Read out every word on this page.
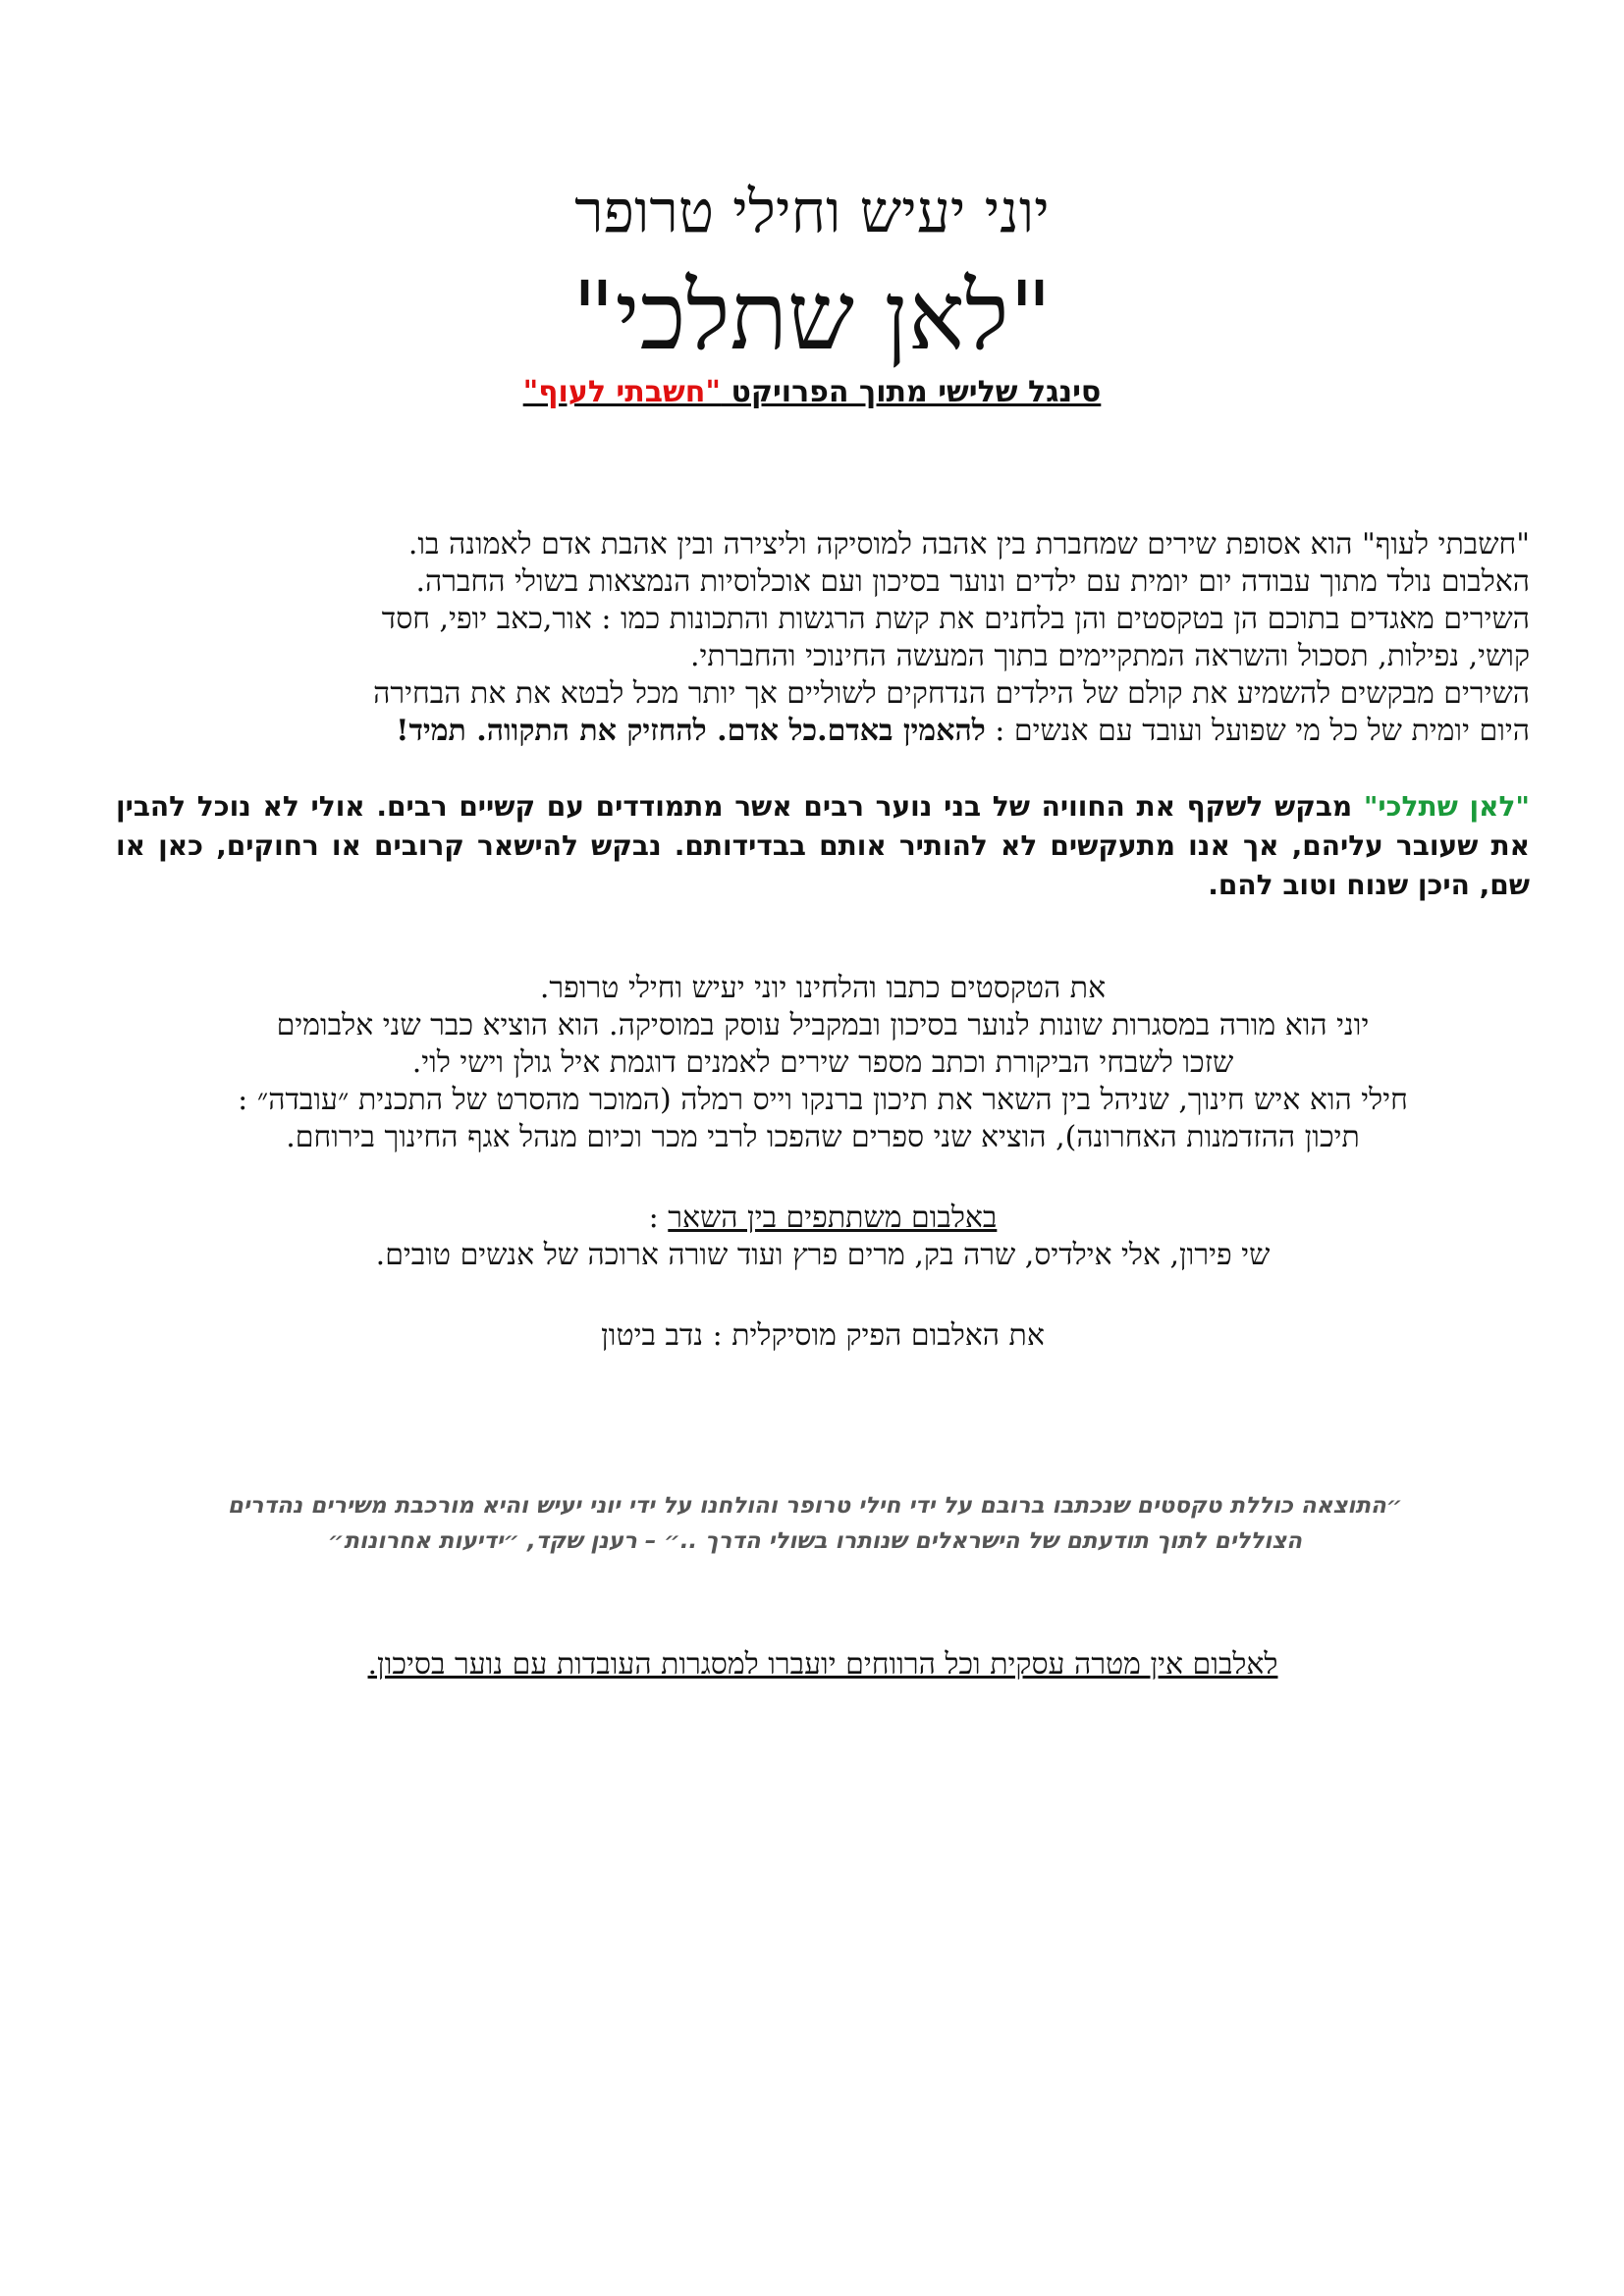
יוני יעיש וחילי טרופר
"לאן שתלכי"
סינגל שלישי מתוך הפרויקט "חשבתי לעוף"

"חשבתי לעוף" הוא אסופת שירים שמחברת בין אהבה למוסיקה וליצירה ובין אהבת אדם לאמונה בו.

האלבום נולד מתוך עבודה יום יומית עם ילדים ונוער בסיכון ועם אוכלוסיות הנמצאות בשולי החברה.

השירים מאגדים בתוכם הן בטקסטים והן בלחנים את קשת הרגשות והתכונות כמו : אור,כאב יופי, חסד

קושי, נפילות, תסכול והשראה המתקיימים בתוך המעשה החינוכי והחברתי.

השירים מבקשים להשמיע את קולם של הילדים הנדחקים לשוליים אך יותר מכל לבטא את את הבחירה

היום יומית של כל מי שפועל ועובד עם אנשים : להאמין באדם.כל אדם. להחזיק את התקווה. תמיד!

"לאן שתלכי" מבקש לשקף את החוויה של בני נוער רבים אשר מתמודדים עם קשיים רבים. אולי לא נוכל להבין את שעובר עליהם, אך אנו מתעקשים לא להותיר אותם בבדידותם. נבקש להישאר קרובים או רחוקים, כאן או שם, היכן שנוח וטוב להם.

את הטקסטים כתבו והלחינו יוני יעיש וחילי טרופר.

יוני הוא מורה במסגרות שונות לנוער בסיכון ובמקביל עוסק במוסיקה. הוא הוציא כבר שני אלבומים

שזכו לשבחי הביקורת וכתב מספר שירים לאמנים דוגמת איל גולן וישי לוי.

חילי הוא איש חינוך, שניהל בין השאר את תיכון ברנקו וייס רמלה (המוכר מהסרט של התכנית ״עובדה״ :

תיכון ההזדמנות האחרונה), הוציא שני ספרים שהפכו לרבי מכר וכיום מנהל אגף החינוך בירוחם.

באלבום משתתפים בין השאר :

שי פירון, אלי אילדיס, שרה בק, מרים פרץ ועוד שורה ארוכה של אנשים טובים.

את האלבום הפיק מוסיקלית : נדב ביטון

״התוצאה כוללת טקסטים שנכתבו ברובם על ידי חילי טרופר והולחנו על ידי יוני יעיש והיא מורכבת משירים נהדרים
הצוללים לתוך תודעתם של הישראלים שנותרו בשולי הדרך ..״ – רענן שקד, ״ידיעות אחרונות״
לאלבום אין מטרה עסקית וכל הרווחים יועברו למסגרות העובדות עם נוער בסיכון.
